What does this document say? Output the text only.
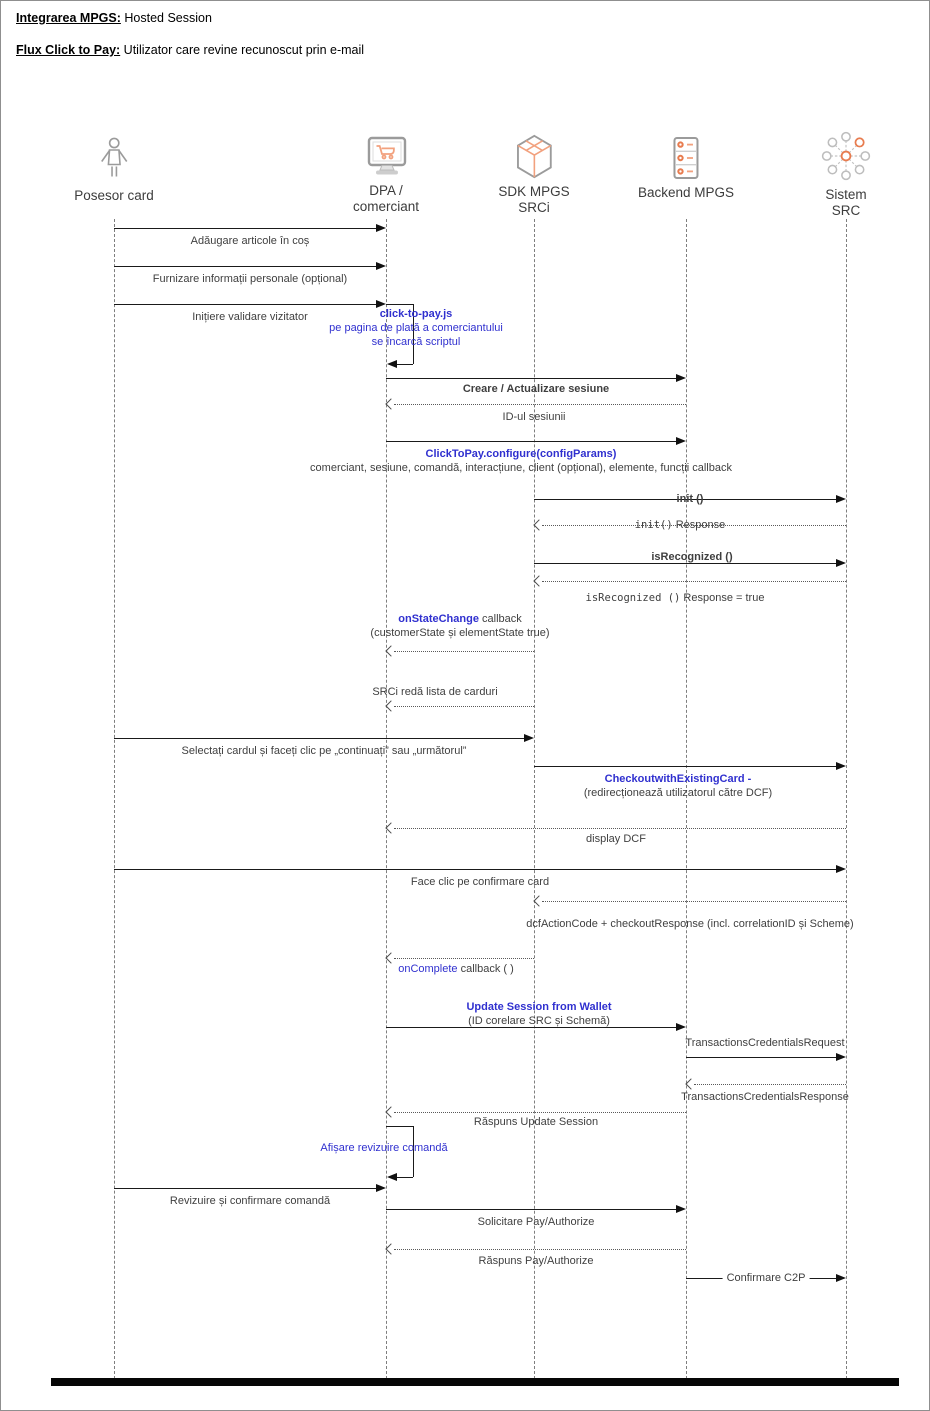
Integrarea MPGS: Hosted Session
Flux Click to Pay: Utilizator care revine recunoscut prin e-mail
Posesor card	DPA /
comerciant
SDK MPGS
SRCi
Backend MPGS	Sistem
SRC
Adăugare articole în coș
Furnizare informații personale (opțional)
Inițiere validare vizitator	click-to-pay.js
pe pagina de plată a comerciantului
se încarcă scriptul
Creare / Actualizare sesiune
ID-ul sesiunii
ClickToPay.configure(configParams)
comerciant, sesiune, comandă, interacțiune, client (opțional), elemente, funcții callback
init ()
init() Response
isRecognized ()
isRecognized () Response = true
onStateChange callback
(customerState și elementState true)
SRCi redă lista de carduri
Selectați cardul și faceți clic pe „continuați” sau „următorul”
CheckoutwithExistingCard -
(redirecționează utilizatorul către DCF)
display DCF
Face clic pe confirmare card
dcfActionCode + checkoutResponse (incl. correlationID și Scheme)
onComplete callback ( )
Update Session from Wallet
(ID corelare SRC și Schemă)
TransactionsCredentialsRequest
TransactionsCredentialsResponse
Răspuns Update Session
Afișare revizuire comandă
Revizuire și confirmare comandă
Solicitare Pay/Authorize
Răspuns Pay/Authorize
Confirmare C2P
